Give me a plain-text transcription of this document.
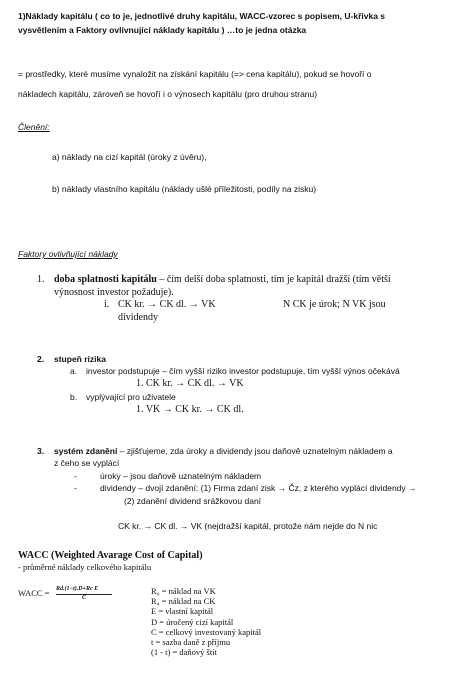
1)Náklady kapitálu ( co to je, jednotlivé druhy kapitálu, WACC-vzorec s popisem, U-křivka s
vysvětlením a Faktory ovlivnující náklady kapitálu ) …to je jedna otázka
= prostředky, které musíme vynaložit na získání kapitálu (=> cena kapitálu), pokud se hovoří o
nákladech kapitálu, zároveň se hovoří i o výnosech kapitálu (pro druhou stranu)
Členění:
a) náklady na cizí kapitál (úroky z úvěru),
b) náklady vlastního kapitálu (náklady ušlé příležitosti, podíly na zisku)
Faktory ovlivňující náklady
1. doba splatnosti kapitálu – čím delší doba splatnosti, tím je kapitál dražší (tím větší
výnosnost investor požaduje).
i. CK kr. → CK dl. → VK	N CK je úrok; N VK jsou
dividendy
2. stupeň rizika
a. investor podstupuje – čím vyšší riziko investor podstupuje, tím vyšší výnos očekává
1. CK kr. → CK dl. → VK
b. vyplývající pro uživatele
1. VK → CK kr. → CK dl.
3. systém zdanění – zjišťujeme, zda úroky a dividendy jsou daňově uznatelným nákladem a
z čeho se vyplácí
-	úroky – jsou daňově uznatelným nákladem
-	dividendy – dvojí zdanění: (1) Firma zdaní zisk → Čz, z kterého vyplácí dividendy →
(2) zdanění dividend srážkovou daní
CK kr. → CK dl. → VK (nejdražší kapitál, protože nám nejde do N nic
WACC (Weighted Avarage Cost of Capital)
- průměrné náklady celkového kapitálu
WACC = Rd.(1−t).D+Rc E
C
R₀ = náklad na VK
R₄ = náklad na CK
E = vlastní kapitál
D = úročený cizí kapitál
C = celkový investovaný kapitál
t = sazba daně z příjmu
(1 - t) = daňový štít
